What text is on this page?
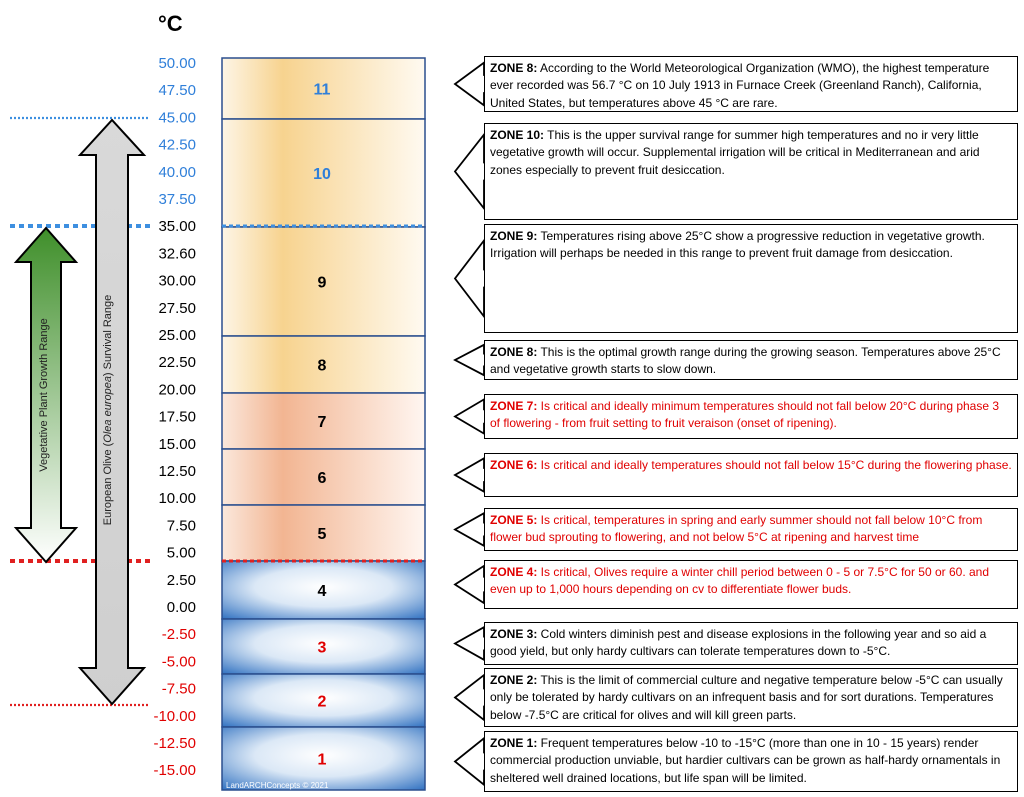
°C
50.00
47.50
45.00
42.50
40.00
37.50
35.00
32.60
30.00
27.50
25.00
22.50
20.00
17.50
15.00
12.50
10.00
7.50
5.00
2.50
0.00
-2.50
-5.00
-7.50
-10.00
-12.50
-15.00
11
10
9
8
7
6
5
4
3
2
1
Vegetative Plant Growth Range
European Olive (Olea europea) Survival Range
LandARCHConcepts © 2021
ZONE 8: According to the World Meteorological Organization (WMO), the highest temperature ever recorded was 56.7 °C on 10 July 1913 in Furnace Creek (Greenland Ranch), California, United States, but temperatures above 45 °C are rare.
ZONE 10: This is the upper survival range for summer high temperatures and no ir very little vegetative growth will occur. Supplemental irrigation will be critical in Mediterranean and arid zones especially to prevent fruit desiccation.
ZONE 9: Temperatures rising above 25°C show a progressive reduction in vegetative growth. Irrigation will perhaps be needed in this range to prevent fruit damage from desiccation.
ZONE 8: This is the optimal growth range during the growing season. Temperatures above 25°C and vegetative growth starts to slow down.
ZONE 7: Is critical and ideally minimum temperatures should not fall below 20°C during phase 3 of flowering - from fruit setting to fruit veraison (onset of ripening).
ZONE 6: Is critical and ideally temperatures should not fall below 15°C during the flowering phase.
ZONE 5: Is critical, temperatures in spring and early summer should not fall below 10°C from flower bud sprouting to flowering, and not below 5°C at ripening and harvest time
ZONE 4: Is critical, Olives require a winter chill period between 0 - 5 or 7.5°C for 50 or 60. and even up to 1,000 hours depending on cv to differentiate flower buds.
ZONE 3: Cold winters diminish pest and disease explosions in the following year and so aid a good yield, but only hardy cultivars can tolerate temperatures down to -5°C.
ZONE 2: This is the limit of commercial culture and negative temperature below -5°C can usually only be tolerated by hardy cultivars on an infrequent basis and for sort durations. Temperatures below -7.5°C are critical for olives and will kill green parts.
ZONE 1: Frequent temperatures below -10 to -15°C (more than one in 10 - 15 years) render commercial production unviable, but hardier cultivars can be grown as half-hardy ornamentals in sheltered well drained locations, but life span will be limited.
